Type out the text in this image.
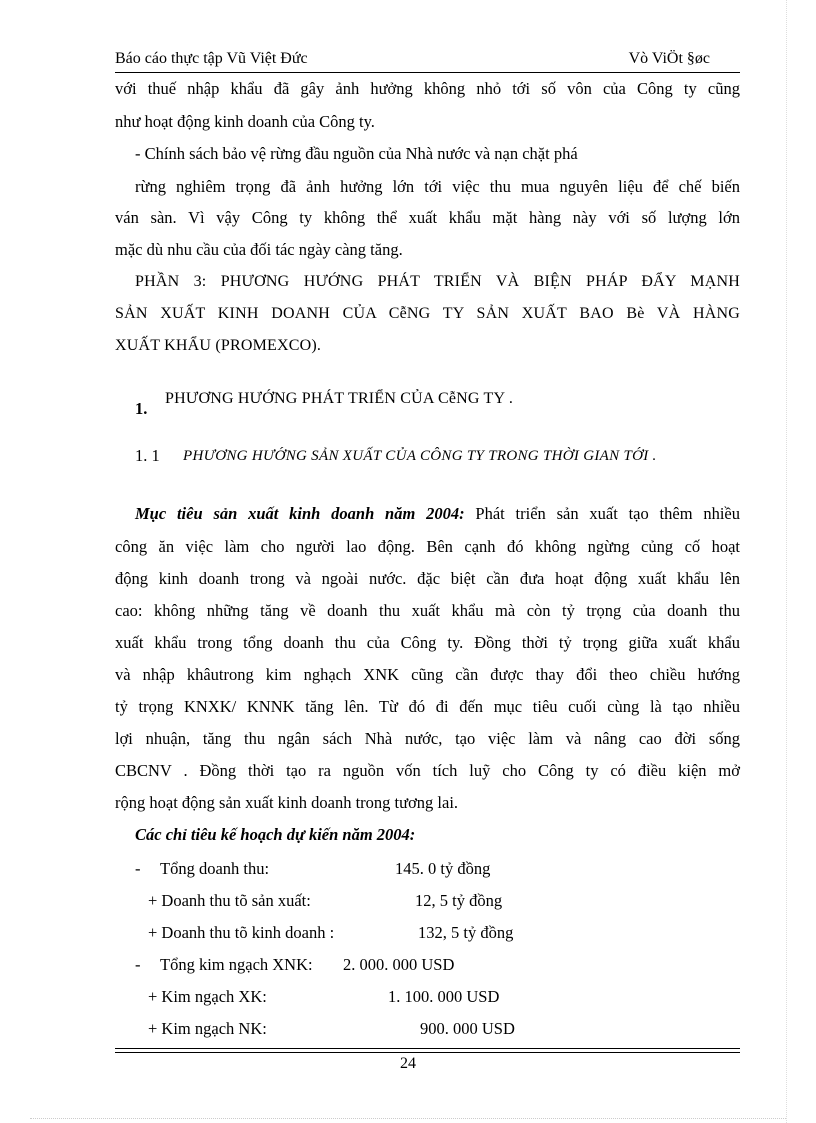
Báo cáo thực tập Vũ Việt Đức	Vò ViÖt §øc
với thuế nhập khẩu đã gây ảnh hưởng không nhỏ tới số vôn của Công ty cũng
như hoạt động kinh doanh của Công ty.
- Chính sách bảo vệ rừng đầu nguồn của Nhà nước và nạn chặt phá
rừng nghiêm trọng đã ảnh hưởng lớn tới việc thu mua nguyên liệu để chế biến
ván sàn. Vì vậy Công ty không thể xuất khẩu mặt hàng này với số lượng lớn
mặc dù nhu cầu của đối tác ngày càng tăng.
PHẦN 3: PHƯƠNG HƯỚNG PHÁT TRIỂN VÀ BIỆN PHÁP ĐẨY MẠNH
SẢN XUẤT KINH DOANH CỦA CễNG TY SẢN XUẤT BAO Bè VÀ HÀNG
XUẤT KHẨU (PROMEXCO).
1.
PHƯƠNG HƯỚNG PHÁT TRIỂN CỦA CễNG TY .
1. 1	PHƯƠNG HƯỚNG SẢN XUẤT CỦA CÔNG TY TRONG THỜI GIAN TỚI .
Mục tiêu sản xuất kinh doanh năm 2004: Phát triển sản xuất tạo thêm nhiều
công ăn việc làm cho người lao động. Bên cạnh đó không ngừng củng cố hoạt
động kinh doanh trong và ngoài nước. đặc biệt cần đưa hoạt động xuất khẩu lên
cao: không những tăng về doanh thu xuất khẩu mà còn tỷ trọng của doanh thu
xuất khẩu trong tổng doanh thu của Công ty. Đồng thời tỷ trọng giữa xuất khẩu
và nhập khâutrong kim nghạch XNK cũng cần được thay đổi theo chiều hướng
tỷ trọng KNXK/ KNNK tăng lên. Từ đó đi đến mục tiêu cuối cùng là tạo nhiều
lợi nhuận, tăng thu ngân sách Nhà nước, tạo việc làm và nâng cao đời sống
CBCNV . Đồng thời tạo ra nguồn vốn tích luỹ cho Công ty có điều kiện mở
rộng hoạt động sản xuất kinh doanh trong tương lai.
Các chỉ tiêu kế hoạch dự kiến năm 2004:
-	Tổng doanh thu:	145. 0 tỷ đồng
+ Doanh thu tõ sản xuất:	12, 5 tỷ đồng
+ Doanh thu tõ kinh doanh :	132, 5 tỷ đồng
-	Tổng kim ngạch XNK:	2. 000. 000 USD
+ Kim ngạch XK:	1. 100. 000 USD
+ Kim ngạch NK:	900. 000 USD
24
